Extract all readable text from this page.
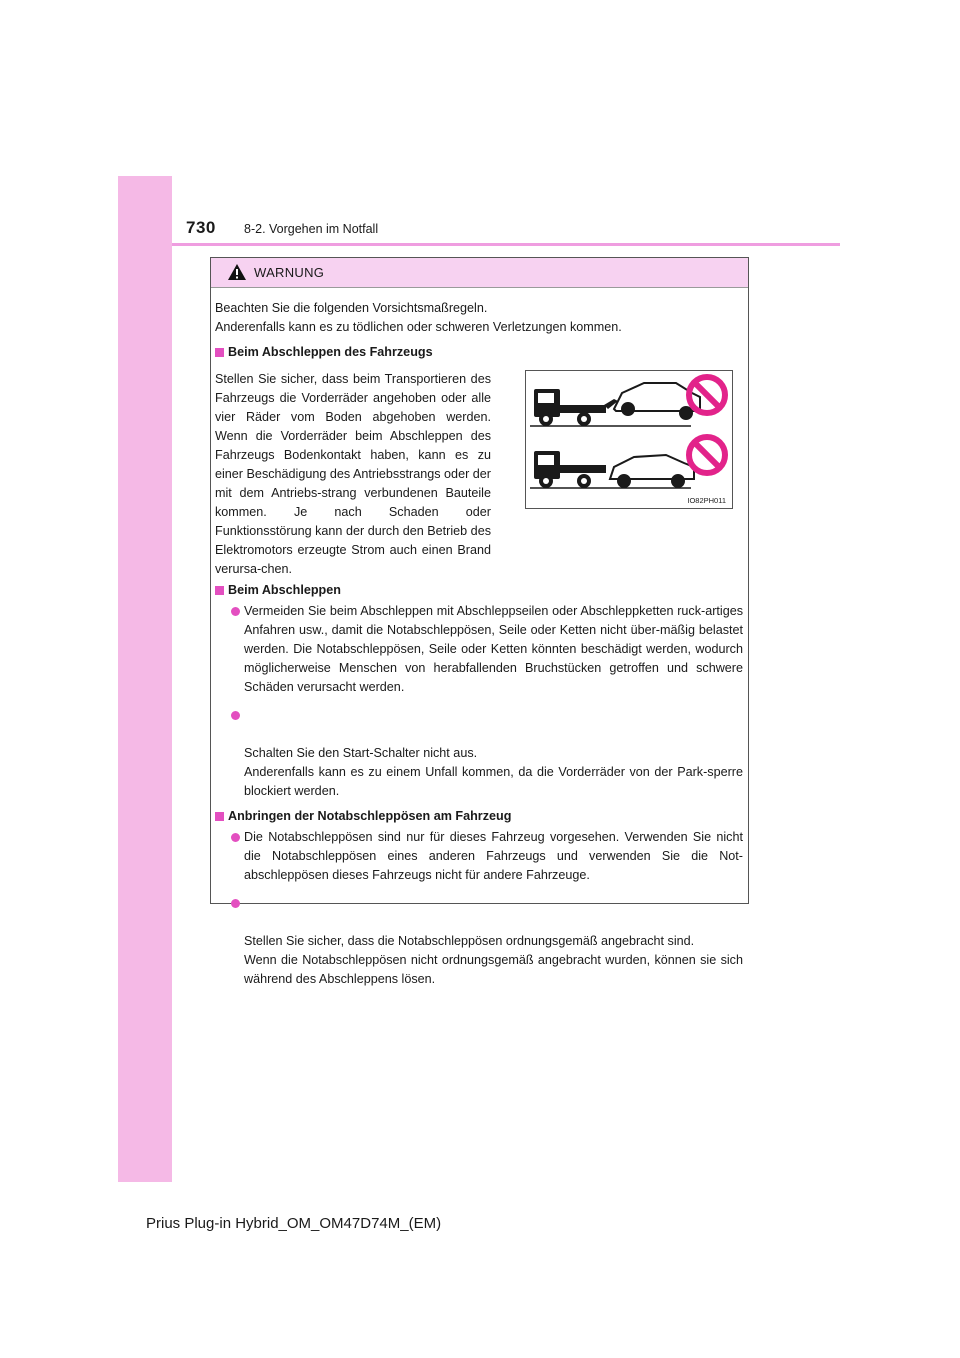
730 8-2. Vorgehen im Notfall
WARNUNG

Beachten Sie die folgenden Vorsichtsmaßregeln.

Anderenfalls kann es zu tödlichen oder schweren Verletzungen kommen.

Beim Abschleppen des Fahrzeugs

Stellen Sie sicher, dass beim Transportieren des Fahrzeugs die Vorderräder angehoben oder alle vier Räder vom Boden abgehoben werden. Wenn die Vorderräder beim Abschleppen des Fahrzeugs Bodenkontakt haben, kann es zu einer Beschädigung des Antriebsstrangs oder der mit dem Antriebs-strang verbundenen Bauteile kommen. Je nach Schaden oder Funktionsstörung kann der durch den Betrieb des Elektromotors erzeugte Strom auch einen Brand verursa-chen.

Beim Abschleppen
Vermeiden Sie beim Abschleppen mit Abschleppseilen oder Abschleppketten ruck-artiges Anfahren usw., damit die Notabschleppösen, Seile oder Ketten nicht über-mäßig belastet werden. Die Notabschleppösen, Seile oder Ketten könnten beschädigt werden, wodurch möglicherweise Menschen von herabfallenden Bruchstücken getroffen und schwere Schäden verursacht werden.

Schalten Sie den Start-Schalter nicht aus.
Anderenfalls kann es zu einem Unfall kommen, da die Vorderräder von der Park-sperre blockiert werden.

Anbringen der Notabschleppösen am Fahrzeug
Die Notabschleppösen sind nur für dieses Fahrzeug vorgesehen. Verwenden Sie nicht die Notabschleppösen eines anderen Fahrzeugs und verwenden Sie die Not-abschleppösen dieses Fahrzeugs nicht für andere Fahrzeuge.

Stellen Sie sicher, dass die Notabschleppösen ordnungsgemäß angebracht sind.
Wenn die Notabschleppösen nicht ordnungsgemäß angebracht wurden, können sie sich während des Abschleppens lösen.

IO82PH011
Prius Plug-in Hybrid_OM_OM47D74M_(EM)
